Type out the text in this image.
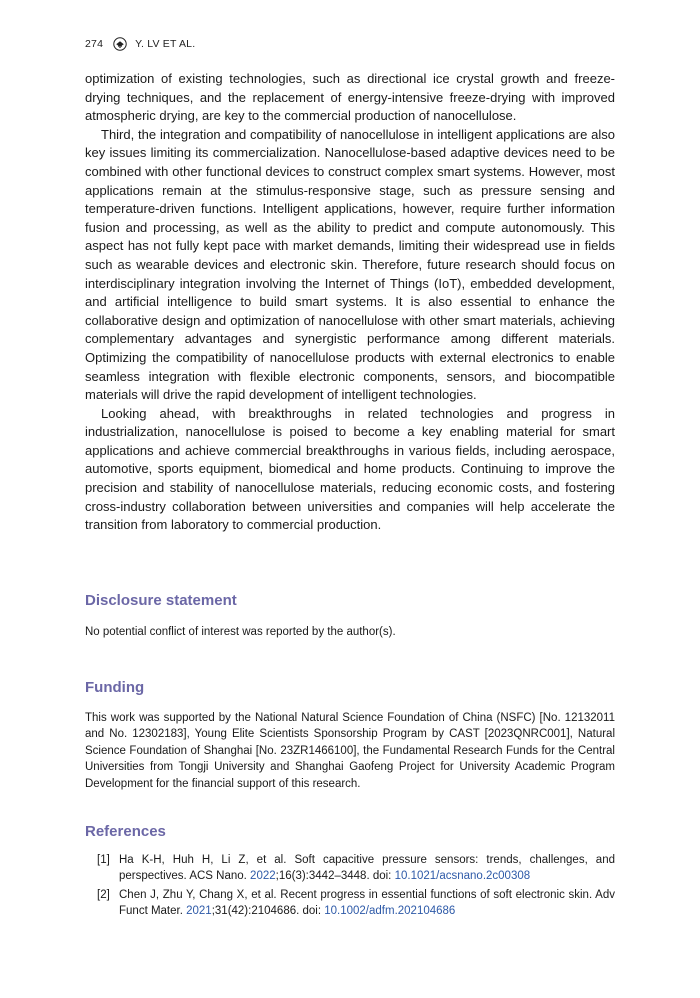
274	Y. LV ET AL.

optimization of existing technologies, such as directional ice crystal growth and freeze-drying techniques, and the replacement of energy-intensive freeze-drying with improved atmospheric drying, are key to the commercial production of nanocellulose.

Third, the integration and compatibility of nanocellulose in intelligent applications are also key issues limiting its commercialization. Nanocellulose-based adaptive devices need to be combined with other functional devices to construct complex smart systems. However, most applications remain at the stimulus-responsive stage, such as pressure sensing and temperature-driven functions. Intelligent applications, however, require further information fusion and processing, as well as the ability to predict and compute autonomously. This aspect has not fully kept pace with market demands, limiting their widespread use in fields such as wearable devices and electronic skin. Therefore, future research should focus on interdisciplinary integration involving the Internet of Things (IoT), embedded development, and artificial intelligence to build smart systems. It is also essential to enhance the collaborative design and optimization of nanocellulose with other smart materials, achieving complementary advantages and synergistic performance among different materials. Optimizing the compatibility of nanocellulose products with external electronics to enable seamless integration with flexible electronic components, sensors, and biocompatible materials will drive the rapid development of intelligent technologies.

Looking ahead, with breakthroughs in related technologies and progress in industrialization, nanocellulose is poised to become a key enabling material for smart applications and achieve commercial breakthroughs in various fields, including aerospace, automotive, sports equipment, biomedical and home products. Continuing to improve the precision and stability of nanocellulose materials, reducing economic costs, and fostering cross-industry collaboration between universities and companies will help accelerate the transition from laboratory to commercial production.

Disclosure statement

No potential conflict of interest was reported by the author(s).

Funding

This work was supported by the National Natural Science Foundation of China (NSFC) [No. 12132011 and No. 12302183], Young Elite Scientists Sponsorship Program by CAST [2023QNRC001], Natural Science Foundation of Shanghai [No. 23ZR1466100], the Fundamental Research Funds for the Central Universities from Tongji University and Shanghai Gaofeng Project for University Academic Program Development for the financial support of this research.

References
[1] Ha K-H, Huh H, Li Z, et al. Soft capacitive pressure sensors: trends, challenges, and perspectives. ACS Nano. 2022;16(3):3442–3448. doi: 10.1021/acsnano.2c00308
[2] Chen J, Zhu Y, Chang X, et al. Recent progress in essential functions of soft electronic skin. Adv Funct Mater. 2021;31(42):2104686. doi: 10.1002/adfm.202104686
